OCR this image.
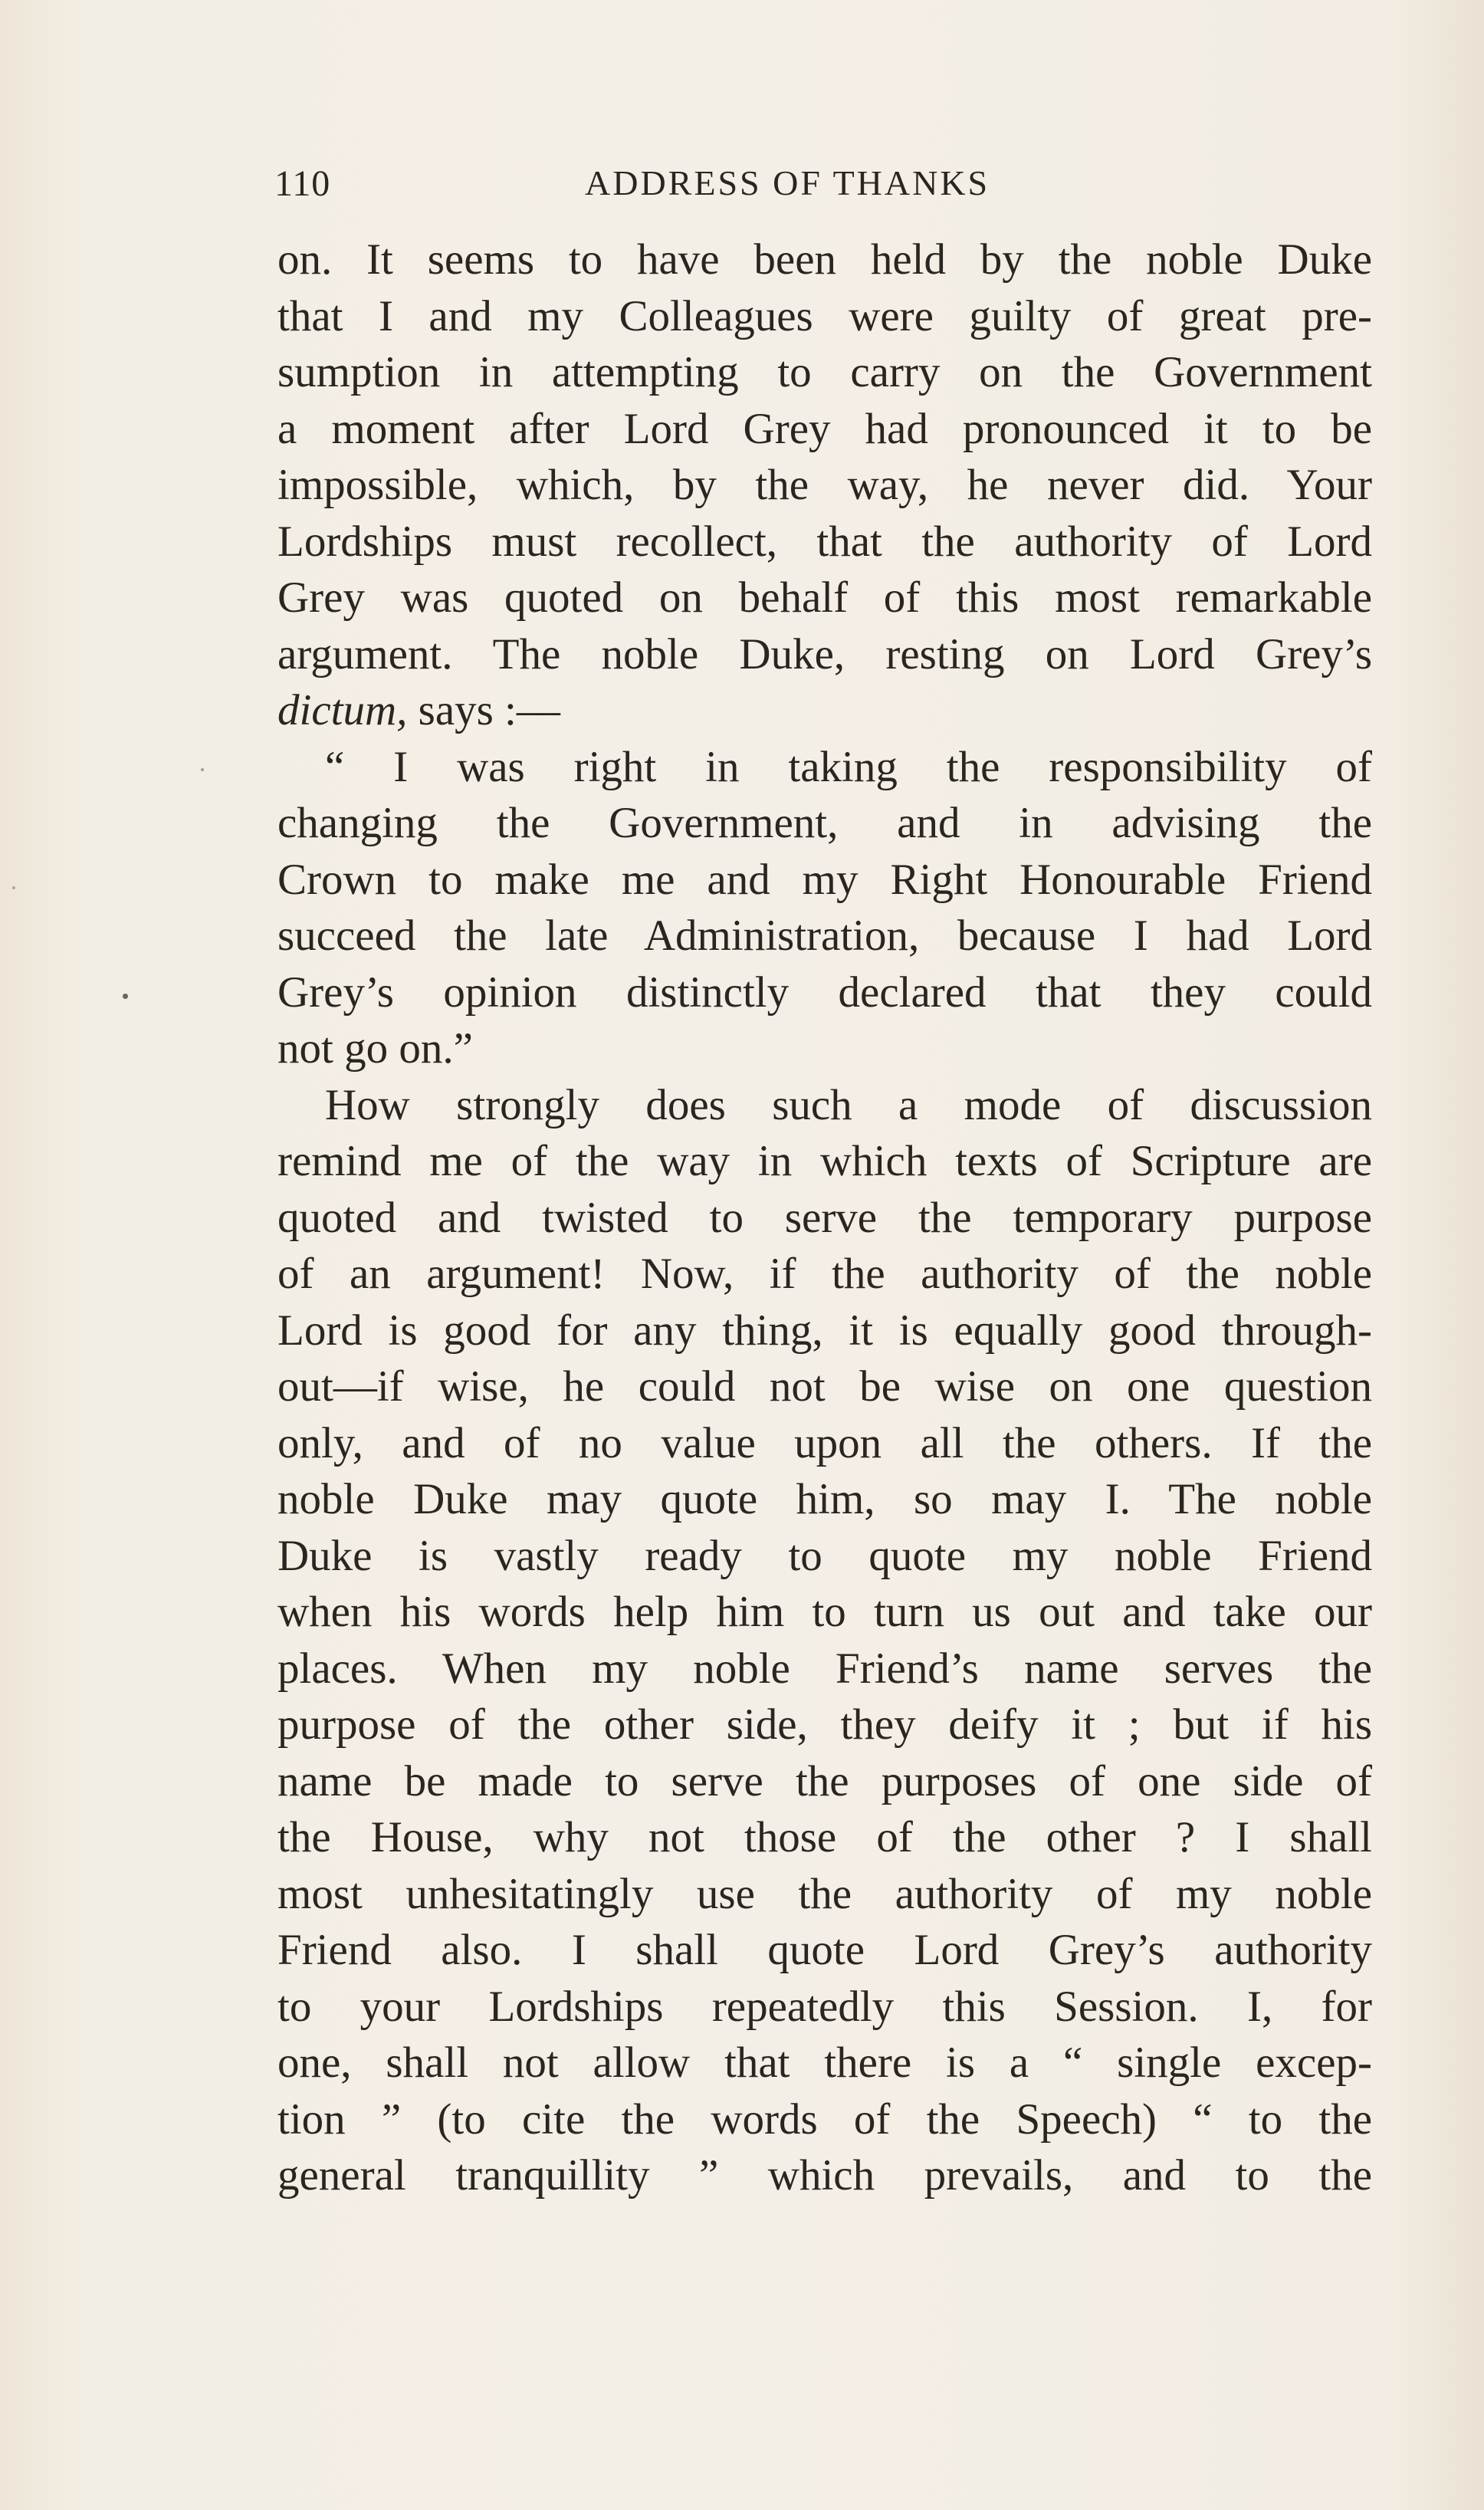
110	ADDRESS OF THANKS
on. It seems to have been held by the noble Duke
that I and my Colleagues were guilty of great pre-
sumption in attempting to carry on the Government
a moment after Lord Grey had pronounced it to be
impossible, which, by the way, he never did. Your
Lordships must recollect, that the authority of Lord
Grey was quoted on behalf of this most remarkable
argument. The noble Duke, resting on Lord Grey’s
dictum, says :—
“ I was right in taking the responsibility of
changing the Government, and in advising the
Crown to make me and my Right Honourable Friend
succeed the late Administration, because I had Lord
Grey’s opinion distinctly declared that they could
not go on.”
How strongly does such a mode of discussion
remind me of the way in which texts of Scripture are
quoted and twisted to serve the temporary purpose
of an argument! Now, if the authority of the noble
Lord is good for any thing, it is equally good through-
out—if wise, he could not be wise on one question
only, and of no value upon all the others. If the
noble Duke may quote him, so may I. The noble
Duke is vastly ready to quote my noble Friend
when his words help him to turn us out and take our
places. When my noble Friend’s name serves the
purpose of the other side, they deify it ; but if his
name be made to serve the purposes of one side of
the House, why not those of the other ? I shall
most unhesitatingly use the authority of my noble
Friend also. I shall quote Lord Grey’s authority
to your Lordships repeatedly this Session. I, for
one, shall not allow that there is a “ single excep-
tion ” (to cite the words of the Speech) “ to the
general tranquillity ” which prevails, and to the
